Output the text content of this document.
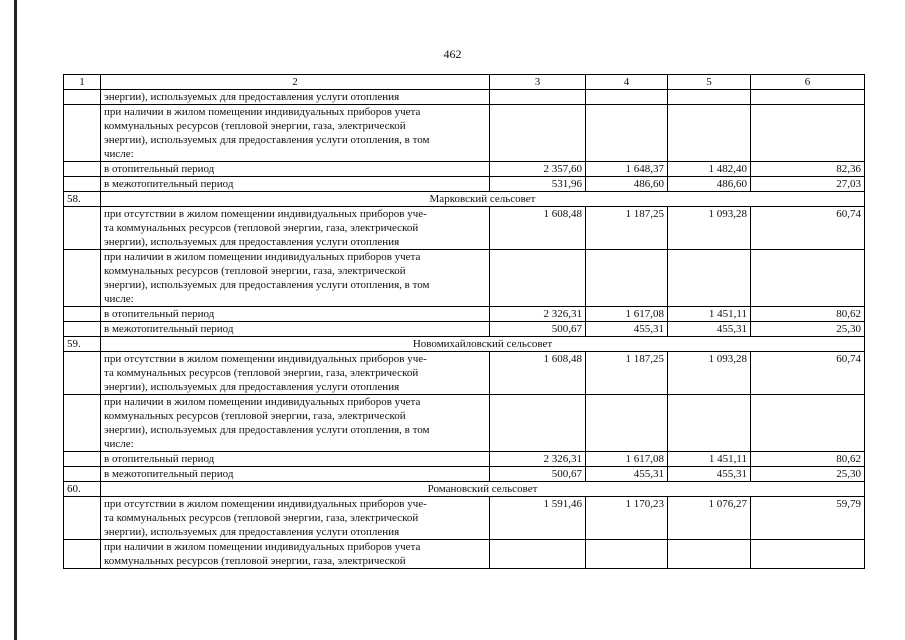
462
1	2	3	4	5	6
	энергии), используемых для предоставления услуги отопления				
	при наличии в жилом помещении индивидуальных приборов учета
коммунальных ресурсов (тепловой энергии, газа, электрической
энергии), используемых для предоставления услуги отопления, в том
числе:				
	в отопительный период	2 357,60	1 648,37	1 482,40	82,36
	в межотопительный период	531,96	486,60	486,60	27,03
58.	Марковский сельсовет				
	при отсутствии в жилом помещении индивидуальных приборов уче-
та коммунальных ресурсов (тепловой энергии, газа, электрической
энергии), используемых для предоставления услуги отопления	1 608,48	1 187,25	1 093,28	60,74
	при наличии в жилом помещении индивидуальных приборов учета
коммунальных ресурсов (тепловой энергии, газа, электрической
энергии), используемых для предоставления услуги отопления, в том
числе:				
	в отопительный период	2 326,31	1 617,08	1 451,11	80,62
	в межотопительный период	500,67	455,31	455,31	25,30
59.	Новомихайловский сельсовет				
	при отсутствии в жилом помещении индивидуальных приборов уче-
та коммунальных ресурсов (тепловой энергии, газа, электрической
энергии), используемых для предоставления услуги отопления	1 608,48	1 187,25	1 093,28	60,74
	при наличии в жилом помещении индивидуальных приборов учета
коммунальных ресурсов (тепловой энергии, газа, электрической
энергии), используемых для предоставления услуги отопления, в том
числе:				
	в отопительный период	2 326,31	1 617,08	1 451,11	80,62
	в межотопительный период	500,67	455,31	455,31	25,30
60.	Романовский сельсовет				
	при отсутствии в жилом помещении индивидуальных приборов уче-
та коммунальных ресурсов (тепловой энергии, газа, электрической
энергии), используемых для предоставления услуги отопления	1 591,46	1 170,23	1 076,27	59,79
	при наличии в жилом помещении индивидуальных приборов учета
коммунальных ресурсов (тепловой энергии, газа, электрической				
